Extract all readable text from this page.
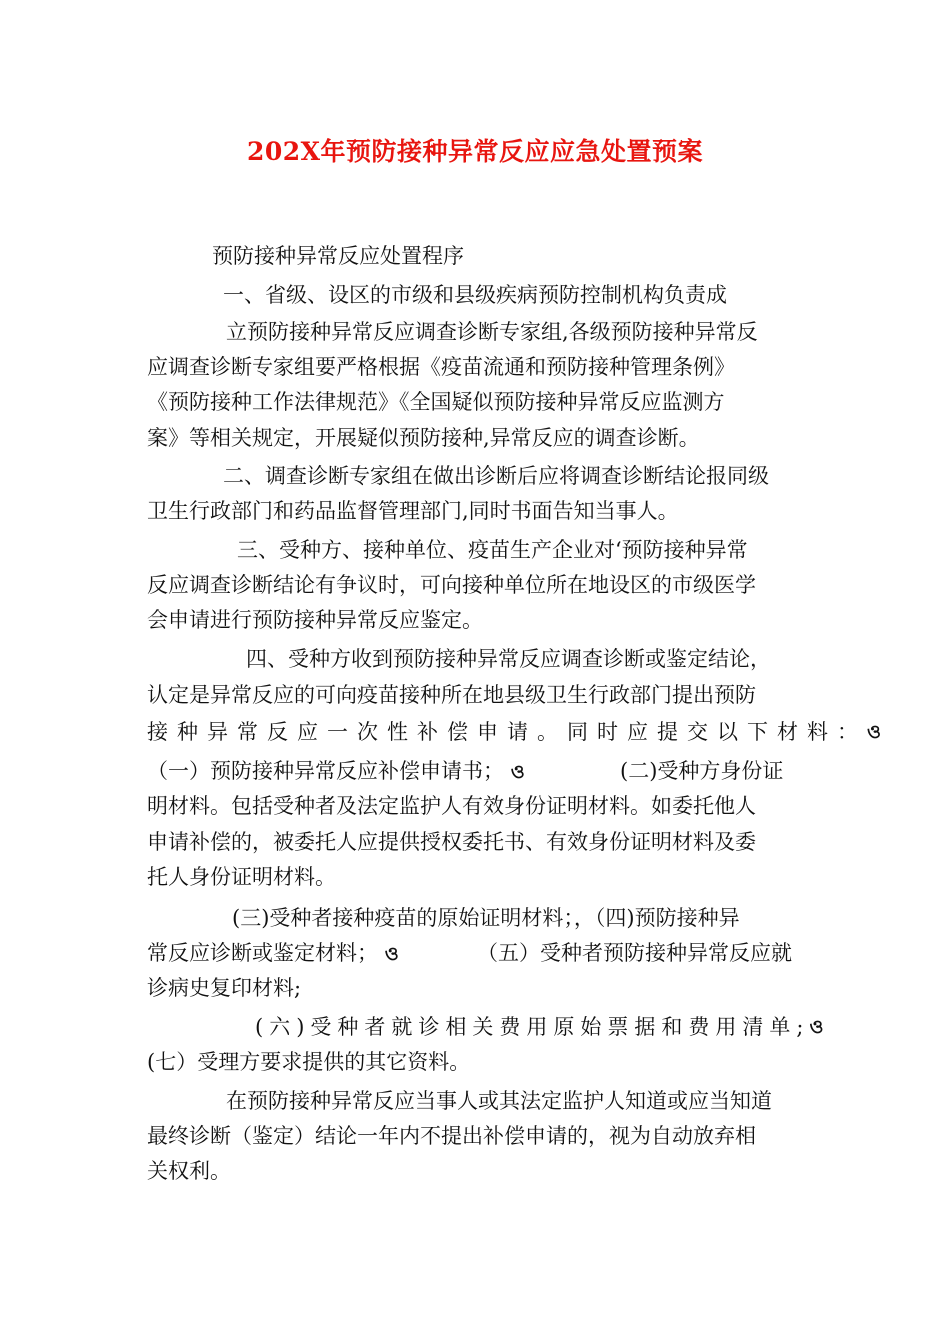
202X年预防接种异常反应应急处置预案
预防接种异常反应处置程序
一、省级、设区的市级和县级疾病预防控制机构负责成
立预防接种异常反应调查诊断专家组,各级预防接种异常反
应调查诊断专家组要严格根据《疫苗流通和预防接种管理条例》
《预防接种工作法律规范》《全国疑似预防接种异常反应监测方
案》等相关规定，开展疑似预防接种,异常反应的调查诊断。
二、调查诊断专家组在做出诊断后应将调查诊断结论报同级
卫生行政部门和药品监督管理部门,同时书面告知当事人。
三、受种方、接种单位、疫苗生产企业对‘预防接种异常
反应调查诊断结论有争议时，可向接种单位所在地设区的市级医学
会申请进行预防接种异常反应鉴定。
四、受种方收到预防接种异常反应调查诊断或鉴定结论，
认定是异常反应的可向疫苗接种所在地县级卫生行政部门提出预防
接种异常反应一次性补偿申请。同时应提交以下材料： ও
（一）预防接种异常反应补偿申请书； ও	(二)受种方身份证
明材料。包括受种者及法定监护人有效身份证明材料。如委托他人
申请补偿的，被委托人应提供授权委托书、有效身份证明材料及委
托人身份证明材料。
(三)受种者接种疫苗的原始证明材料；，（四)预防接种异
常反应诊断或鉴定材料； ও	（五）受种者预防接种异常反应就
诊病史复印材料;
(六)受种者就诊相关费用原始票据和费用清单; ও
(七）受理方要求提供的其它资料。
在预防接种异常反应当事人或其法定监护人知道或应当知道
最终诊断（鉴定）结论一年内不提出补偿申请的，视为自动放弃相
关权利。
